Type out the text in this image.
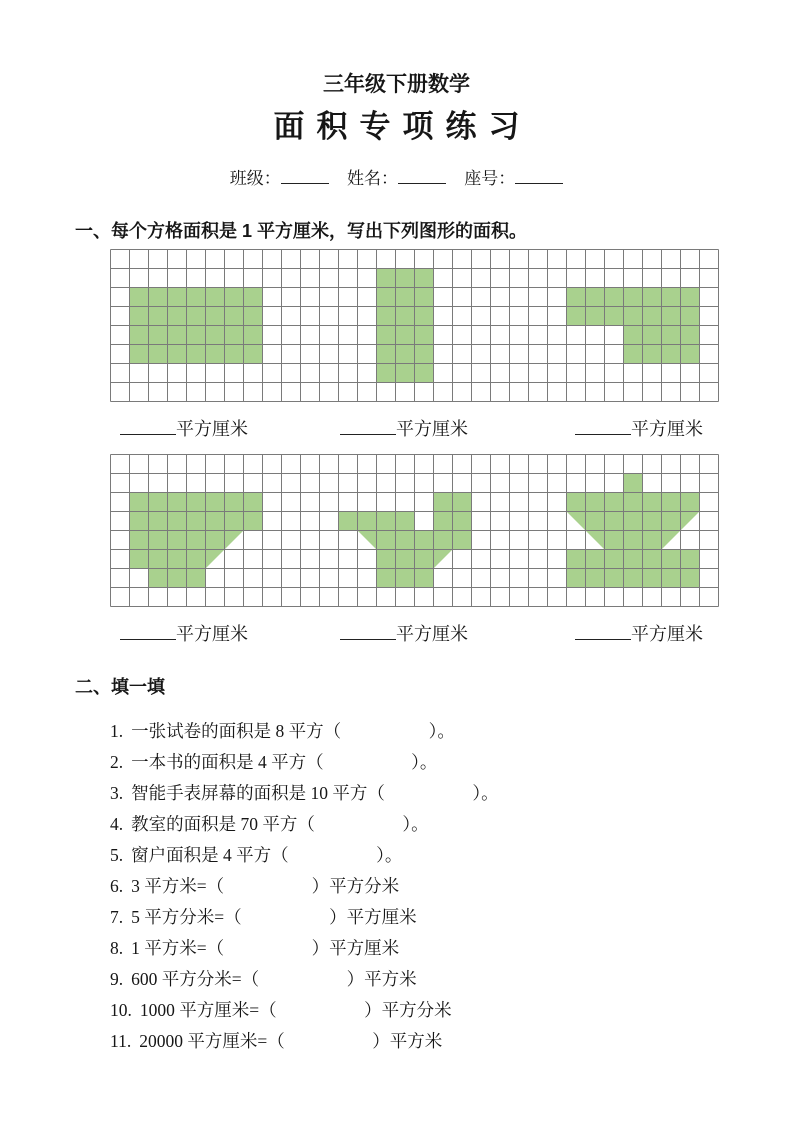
三年级下册数学
面积专项练习
班级：	姓名：	座号：
一、每个方格面积是 1 平方厘米，写出下列图形的面积。
平方厘米	平方厘米	平方厘米
平方厘米	平方厘米	平方厘米
二、填一填
1. 一张试卷的面积是 8 平方（　　　　　）。
2. 一本书的面积是 4 平方（　　　　　）。
3. 智能手表屏幕的面积是 10 平方（　　　　　）。
4. 教室的面积是 70 平方（　　　　　）。
5. 窗户面积是 4 平方（　　　　　）。
6. 3 平方米=（　　　　　）平方分米
7. 5 平方分米=（　　　　　）平方厘米
8. 1 平方米=（　　　　　）平方厘米
9. 600 平方分米=（　　　　　）平方米
10. 1000 平方厘米=（　　　　　）平方分米
11. 20000 平方厘米=（　　　　　）平方米
